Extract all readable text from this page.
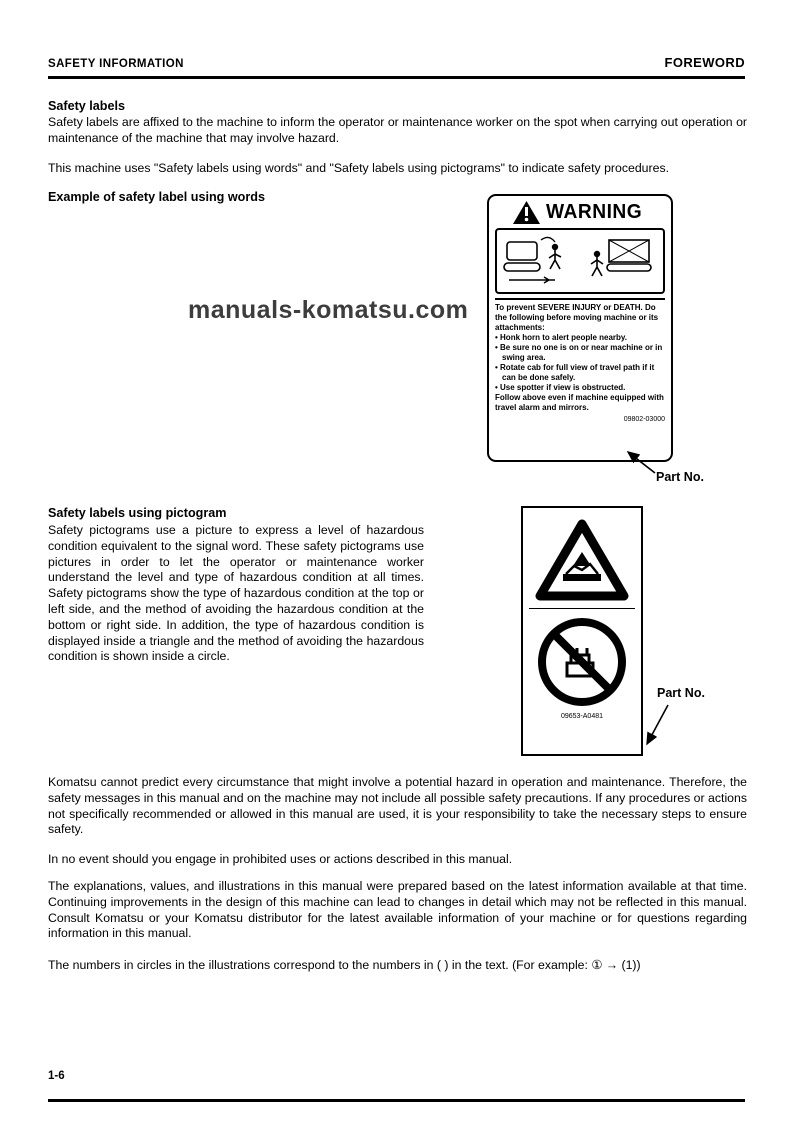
SAFETY INFORMATION	FOREWORD
Safety labels
Safety labels are affixed to the machine to inform the operator or maintenance worker on the spot when carrying out operation or maintenance of the machine that may involve hazard.
This machine uses "Safety labels using words" and "Safety labels using pictograms" to indicate safety procedures.
Example of safety label using words
manuals-komatsu.com
WARNING
To prevent SEVERE INJURY or DEATH. Do the following before moving machine or its attachments:
• Honk horn to alert people nearby.
• Be sure no one is on or near machine or in swing area.
• Rotate cab for full view of travel path if it can be done safely.
• Use spotter if view is obstructed.
Follow above even if machine equipped with travel alarm and mirrors.
09802-03000
Part No.
Safety labels using pictogram
Safety pictograms use a picture to express a level of hazardous condition equivalent to the signal word. These safety pictograms use pictures in order to let the operator or maintenance worker understand the level and type of hazardous condition at all times. Safety pictograms show the type of hazardous condition at the top or left side, and the method of avoiding the hazardous condition at the bottom or right side. In addition, the type of hazardous condition is displayed inside a triangle and the method of avoiding the hazardous condition is shown inside a circle.
09653-A0481
Part No.
Komatsu cannot predict every circumstance that might involve a potential hazard in operation and maintenance. Therefore, the safety messages in this manual and on the machine may not include all possible safety precautions. If any procedures or actions not specifically recommended or allowed in this manual are used, it is your responsibility to take the necessary steps to ensure safety.
In no event should you engage in prohibited uses or actions described in this manual.
The explanations, values, and illustrations in this manual were prepared based on the latest information available at that time. Continuing improvements in the design of this machine can lead to changes in detail which may not be reflected in this manual. Consult Komatsu or your Komatsu distributor for the latest available information of your machine or for questions regarding information in this manual.
The numbers in circles in the illustrations correspond to the numbers in ( ) in the text. (For example: ① → (1))
1-6
